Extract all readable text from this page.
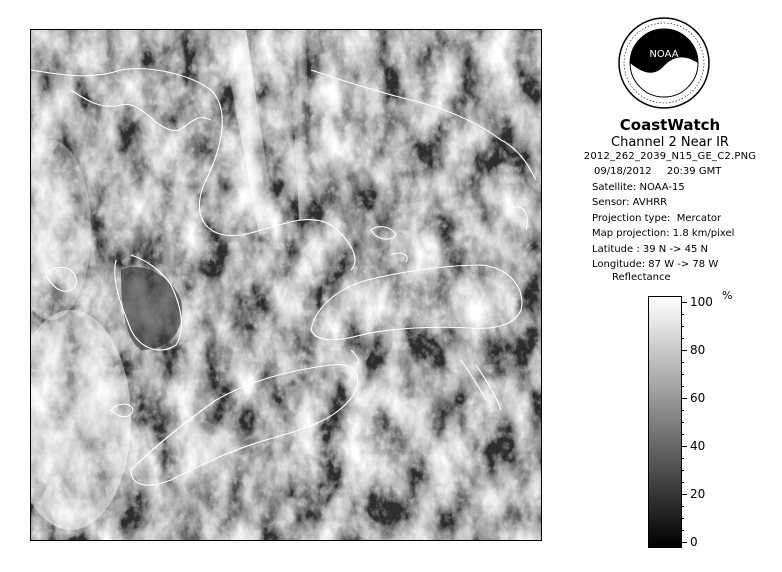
NOAA
CoastWatch
Channel 2 Near IR
2012_262_2039_N15_GE_C2.PNG
09/18/2012 20:39 GMT
Satellite: NOAA-15
Sensor: AVHRR
Projection type:  Mercator
Map projection: 1.8 km/pixel
Latitude : 39 N -> 45 N
Longitude: 87 W -> 78 W
Reflectance
%
0
20
40
60
80
100
